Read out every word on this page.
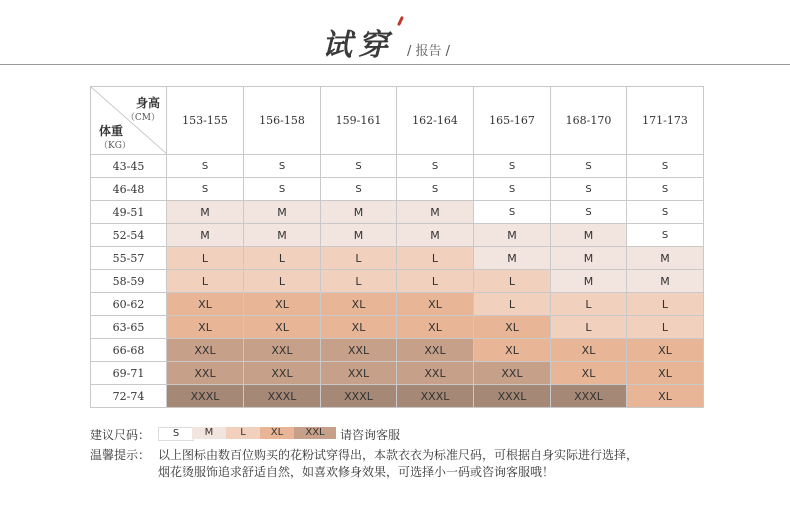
试穿 / 报告 /
身高
（CM）
体重
（KG）	153-155	156-158	159-161	162-164	165-167	168-170	171-173
43-45	S	S	S	S	S	S	S
46-48	S	S	S	S	S	S	S
49-51	M	M	M	M	S	S	S
52-54	M	M	M	M	M	M	S
55-57	L	L	L	L	M	M	M
58-59	L	L	L	L	L	M	M
60-62	XL	XL	XL	XL	L	L	L
63-65	XL	XL	XL	XL	XL	L	L
66-68	XXL	XXL	XXL	XXL	XL	XL	XL
69-71	XXL	XXL	XXL	XXL	XXL	XL	XL
72-74	XXXL	XXXL	XXXL	XXXL	XXXL	XXXL	XL
建议尺码：	S	M	L	XL	XXL	请咨询客服
温馨提示： 以上图标由数百位购买的花粉试穿得出，本款衣衣为标准尺码，可根据自身实际进行选择，
烟花烫服饰追求舒适自然，如喜欢修身效果，可选择小一码或咨询客服哦！
